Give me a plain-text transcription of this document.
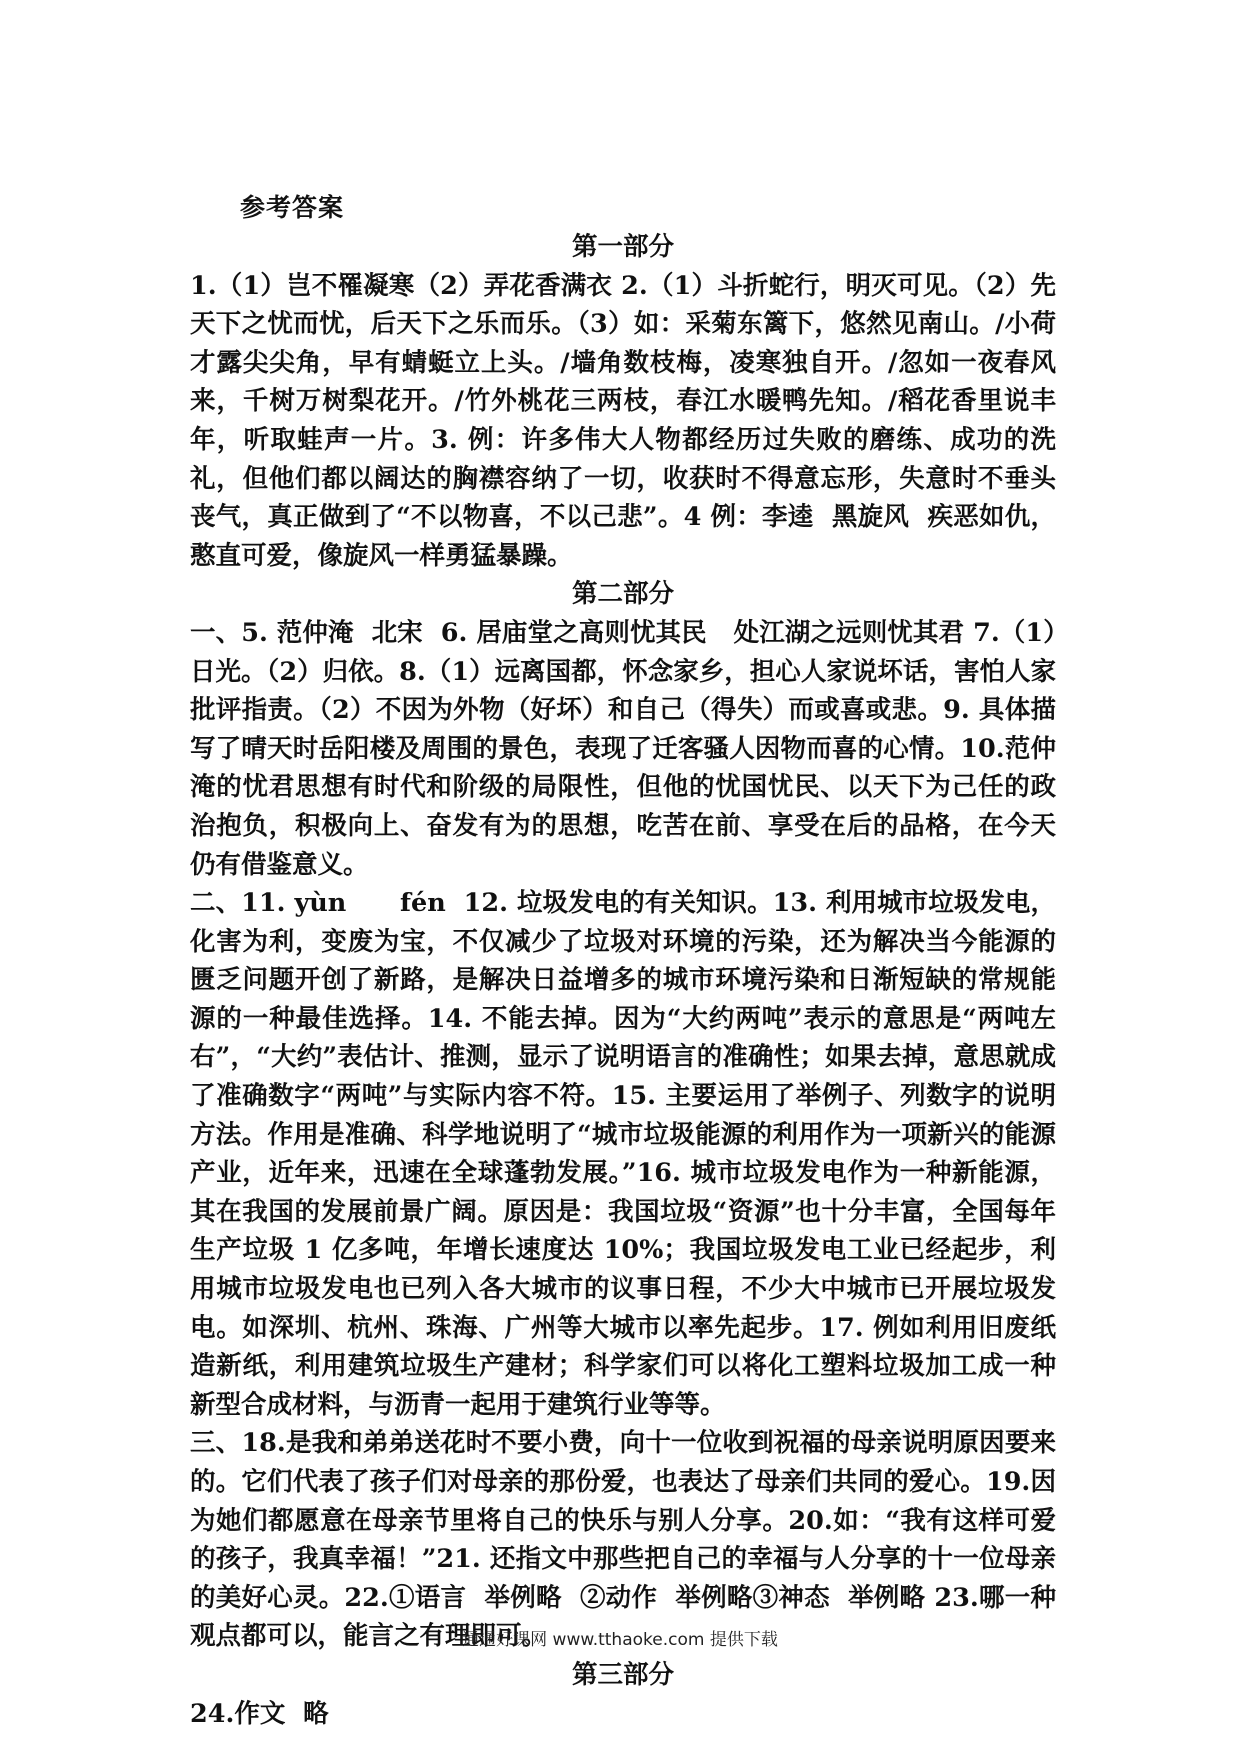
参考答案
第一部分

1.（1）岂不罹凝寒（2）弄花香满衣 2.（1）斗折蛇行，明灭可见。（2）先天下之忧而忧，后天下之乐而乐。（3）如：采菊东篱下，悠然见南山。/小荷才露尖尖角，早有蜻蜓立上头。/墙角数枝梅，凌寒独自开。/忽如一夜春风来，千树万树梨花开。/竹外桃花三两枝，春江水暖鸭先知。/稻花香里说丰年，听取蛙声一片。3. 例：许多伟大人物都经历过失败的磨练、成功的洗礼，但他们都以阔达的胸襟容纳了一切，收获时不得意忘形，失意时不垂头丧气，真正做到了“不以物喜，不以己悲”。4 例：李逵  黑旋风  疾恶如仇，憨直可爱，像旋风一样勇猛暴躁。

第二部分

一、5. 范仲淹  北宋  6. 居庙堂之高则忧其民   处江湖之远则忧其君 7.（1）日光。（2）归依。8.（1）远离国都，怀念家乡，担心人家说坏话，害怕人家批评指责。（2）不因为外物（好坏）和自己（得失）而或喜或悲。9. 具体描写了晴天时岳阳楼及周围的景色，表现了迁客骚人因物而喜的心情。10.范仲淹的忧君思想有时代和阶级的局限性，但他的忧国忧民、以天下为己任的政治抱负，积极向上、奋发有为的思想，吃苦在前、享受在后的品格，在今天仍有借鉴意义。

二、11. yùn      fén  12. 垃圾发电的有关知识。13. 利用城市垃圾发电，化害为利，变废为宝，不仅减少了垃圾对环境的污染，还为解决当今能源的匮乏问题开创了新路，是解决日益增多的城市环境污染和日渐短缺的常规能源的一种最佳选择。14. 不能去掉。因为“大约两吨”表示的意思是“两吨左右”，“大约”表估计、推测，显示了说明语言的准确性；如果去掉，意思就成了准确数字“两吨”与实际内容不符。15. 主要运用了举例子、列数字的说明方法。作用是准确、科学地说明了“城市垃圾能源的利用作为一项新兴的能源产业，近年来，迅速在全球蓬勃发展。”16. 城市垃圾发电作为一种新能源，其在我国的发展前景广阔。原因是：我国垃圾“资源”也十分丰富，全国每年生产垃圾 1 亿多吨，年增长速度达 10%；我国垃圾发电工业已经起步，利用城市垃圾发电也已列入各大城市的议事日程，不少大中城市已开展垃圾发电。如深圳、杭州、珠海、广州等大城市以率先起步。17. 例如利用旧废纸造新纸，利用建筑垃圾生产建材；科学家们可以将化工塑料垃圾加工成一种新型合成材料，与沥青一起用于建筑行业等等。

三、18.是我和弟弟送花时不要小费，向十一位收到祝福的母亲说明原因要来的。它们代表了孩子们对母亲的那份爱，也表达了母亲们共同的爱心。19.因为她们都愿意在母亲节里将自己的快乐与别人分享。20.如：“我有这样可爱的孩子，我真幸福！”21. 还指文中那些把自己的幸福与人分享的十一位母亲的美好心灵。22.①语言  举例略  ②动作  举例略③神态  举例略 23.哪一种观点都可以，能言之有理即可。

第三部分

24.作文  略

通通好课网 www.tthaoke.com 提供下载
